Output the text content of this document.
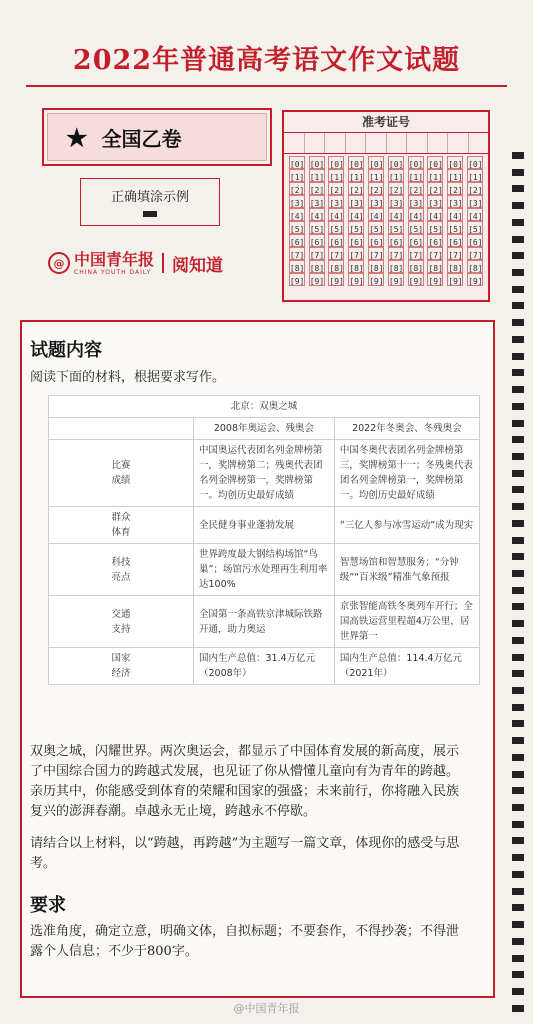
2022年普通高考语文作文试题
★ 全国乙卷
正确填涂示例
@ 中国青年报
CHINA YOUTH DAILY 阅知道
准考证号
[0]
[1]
[2]
[3]
[4]
[5]
[6]
[7]
[8]
[9]
[0]
[1]
[2]
[3]
[4]
[5]
[6]
[7]
[8]
[9]
[0]
[1]
[2]
[3]
[4]
[5]
[6]
[7]
[8]
[9]
[0]
[1]
[2]
[3]
[4]
[5]
[6]
[7]
[8]
[9]
[0]
[1]
[2]
[3]
[4]
[5]
[6]
[7]
[8]
[9]
[0]
[1]
[2]
[3]
[4]
[5]
[6]
[7]
[8]
[9]
[0]
[1]
[2]
[3]
[4]
[5]
[6]
[7]
[8]
[9]
[0]
[1]
[2]
[3]
[4]
[5]
[6]
[7]
[8]
[9]
[0]
[1]
[2]
[3]
[4]
[5]
[6]
[7]
[8]
[9]
[0]
[1]
[2]
[3]
[4]
[5]
[6]
[7]
[8]
[9]
试题内容
阅读下面的材料，根据要求写作。
北京：双奥之城		
	2008年奥运会、残奥会	2022年冬奥会、冬残奥会
比赛
成绩	中国奥运代表团名列金牌榜第一，奖牌榜第二；残奥代表团名列金牌榜第一，奖牌榜第一。均创历史最好成绩	中国冬奥代表团名列金牌榜第三，奖牌榜第十一；冬残奥代表团名列金牌榜第一，奖牌榜第一。均创历史最好成绩
群众
体育	全民健身事业蓬勃发展	“三亿人参与冰雪运动”成为现实
科技
亮点	世界跨度最大钢结构场馆“鸟巢”；场馆污水处理再生利用率达100%	智慧场馆和智慧服务；“分钟级”“百米级”精准气象预报
交通
支持	全国第一条高铁京津城际铁路开通，助力奥运	京张智能高铁冬奥列车开行；全国高铁运营里程超4万公里，居世界第一
国家
经济	国内生产总值：31.4万亿元（2008年）	国内生产总值：114.4万亿元（2021年）
双奥之城，闪耀世界。两次奥运会，都显示了中国体育发展的新高度，展示了中国综合国力的跨越式发展，也见证了你从懵懂儿童向有为青年的跨越。亲历其中，你能感受到体育的荣耀和国家的强盛；未来前行，你将融入民族复兴的澎湃春潮。卓越永无止境，跨越永不停歇。
请结合以上材料，以“跨越，再跨越”为主题写一篇文章，体现你的感受与思考。
要求
选准角度，确定立意，明确文体，自拟标题；不要套作，不得抄袭；不得泄露个人信息；不少于800字。
@中国青年报
